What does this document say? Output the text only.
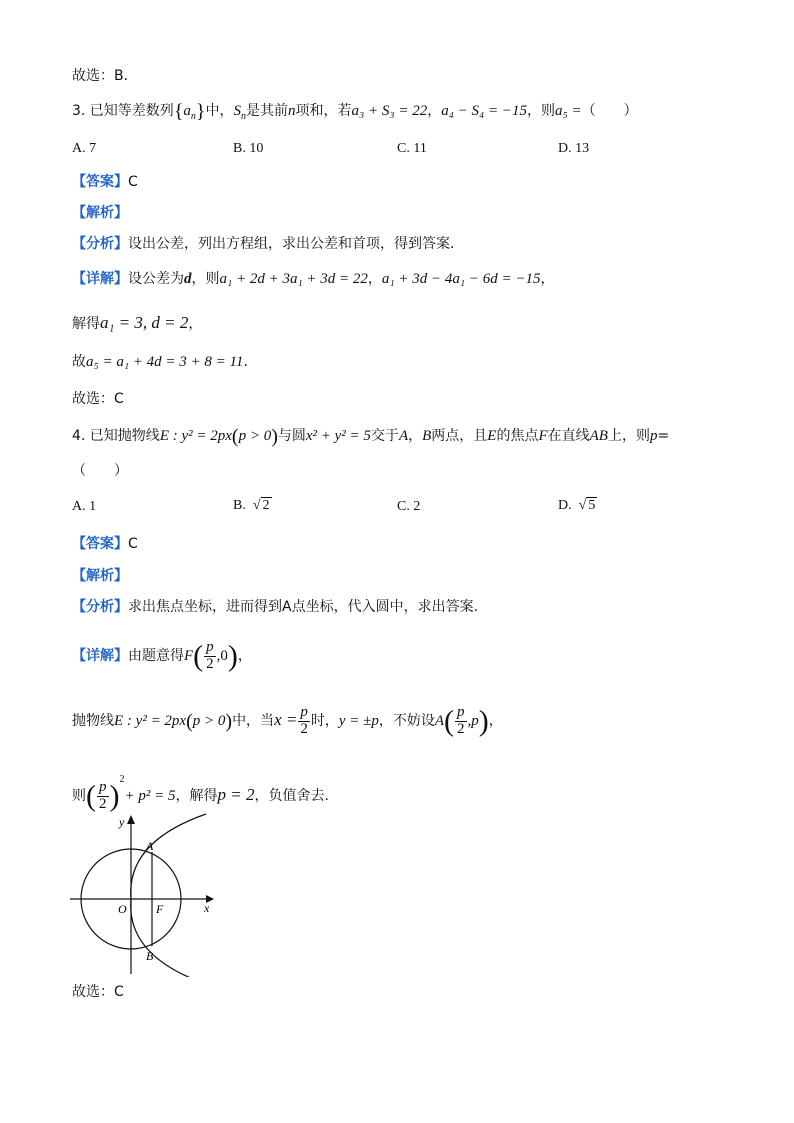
故选：B．
3. 已知等差数列$\{a_n\}$中，$S_n$是其前n项和，若a₃ + S₃ = 22，a₄ − S₄ = −15，则a₅ =（　　）
A. 7	B. 10	C. 11	D. 13
【答案】C
【解析】
【分析】设出公差，列出方程组，求出公差和首项，得到答案.
【详解】设公差为d，则a₁ + 2d + 3a₁ + 3d = 22，a₁ + 3d − 4a₁ − 6d = −15，
解得a₁ = 3, d = 2，
故a₅ = a₁ + 4d = 3 + 8 = 11.
故选：C
4. 已知抛物线E : y² = 2px(p > 0)与圆x² + y² = 5交于A，B两点，且E的焦点F在直线AB上，则p=
（　　）
A. 1	B. √ 2	C. 2	D. √ 5
【答案】C
【解析】
【分析】求出焦点坐标，进而得到A点坐标，代入圆中，求出答案.
【详解】由题意得$F( \frac{p}{2} ,0)$，
抛物线E : y² = 2px(p > 0)中，当$x = \frac{p}{2}$ 时，y = ±p，不妨设$A( \frac{p}{2} ,p)$，
则( $\frac{p}{2} )^2+ p^2 = 5$，解得p = 2，负值舍去.
y
x
O F
A
B
故选：C
